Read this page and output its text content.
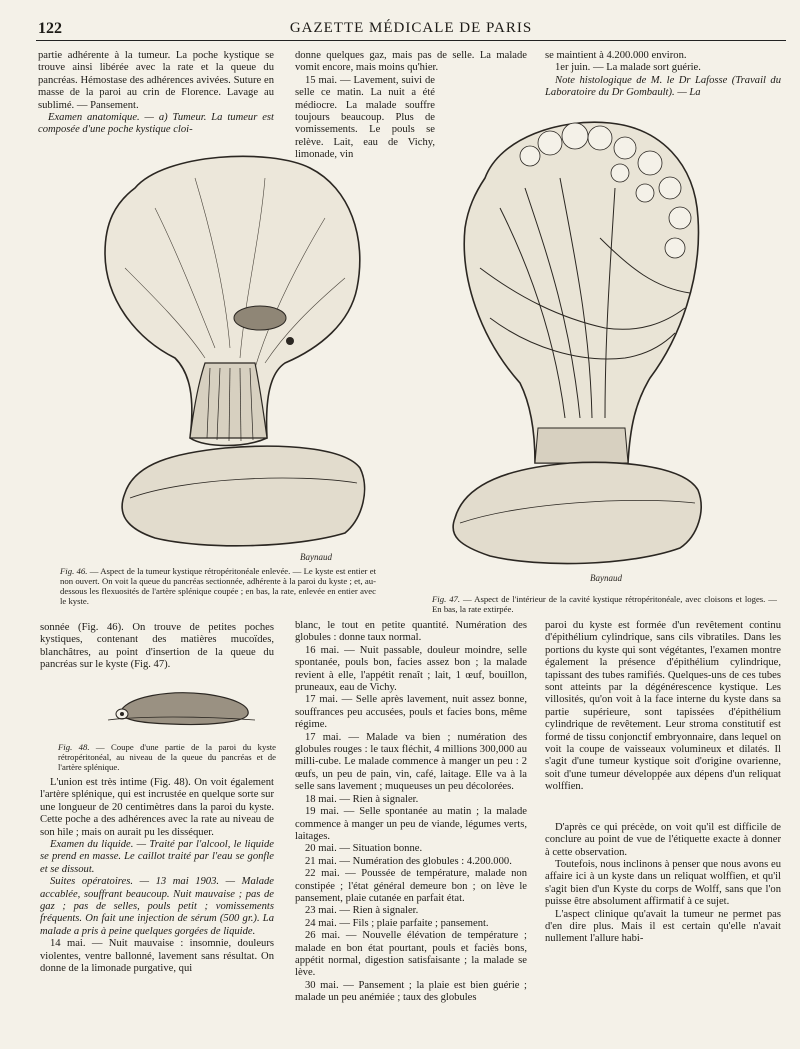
122	GAZETTE MÉDICALE DE PARIS

partie adhérente à la tumeur. La poche kystique se trouve ainsi libérée avec la rate et la queue du pancréas. Hémostase des adhérences avivées. Suture en masse de la paroi au crin de Florence. Lavage au sublimé. — Pansement.

Examen anatomique. — a) Tumeur. La tumeur est composée d'une poche kystique cloi-

donne quelques gaz, mais pas de selle. La malade vomit encore, mais moins qu'hier.

15 mai. — Lavement, suivi de selle ce matin. La nuit a été médiocre. La malade souffre toujours beaucoup. Plus de vomissements. Le pouls se relève. Lait, eau de Vichy, limonade, vin

se maintient à 4.200.000 environ.

1er juin. — La malade sort guérie.

Note histologique de M. le Dr Lafosse (Travail du Laboratoire du Dr Gombault). — La

Baynaud
Baynaud
Fig. 46. — Aspect de la tumeur kystique rétropéritonéale enlevée. — Le kyste est entier et non ouvert. On voit la queue du pancréas sectionnée, adhérente à la paroi du kyste ; et, au-dessous les flexuosités de l'artère splénique coupée ; en bas, la rate, enlevée en entier avec le kyste.	Fig. 47. — Aspect de l'intérieur de la cavité kystique rétropéritonéale, avec cloisons et loges. — En bas, la rate extirpée.

sonnée (Fig. 46). On trouve de petites poches kystiques, contenant des matières mucoïdes, blanchâtres, au point d'insertion de la queue du pancréas sur le kyste (Fig. 47).

Fig. 48. — Coupe d'une partie de la paroi du kyste rétropéritonéal, au niveau de la queue du pancréas et de l'artère splénique.

L'union est très intime (Fig. 48). On voit également l'artère splénique, qui est incrustée en quelque sorte sur une longueur de 20 centimètres dans la paroi du kyste. Cette poche a des adhérences avec la rate au niveau de son hile ; mais on aurait pu les disséquer.

Examen du liquide. — Traité par l'alcool, le liquide se prend en masse. Le caillot traité par l'eau se gonfle et se dissout.

Suites opératoires. — 13 mai 1903. — Malade accablée, souffrant beaucoup. Nuit mauvaise ; pas de gaz ; pas de selles, pouls petit ; vomissements fréquents. On fait une injection de sérum (500 gr.). La malade a pris à peine quelques gorgées de liquide.

14 mai. — Nuit mauvaise : insomnie, douleurs violentes, ventre ballonné, lavement sans résultat. On donne de la limonade purgative, qui

blanc, le tout en petite quantité. Numération des globules : donne taux normal.

16 mai. — Nuit passable, douleur moindre, selle spontanée, pouls bon, facies assez bon ; la malade revient à elle, l'appétit renaît ; lait, 1 œuf, bouillon, pruneaux, eau de Vichy.

17 mai. — Selle après lavement, nuit assez bonne, souffrances peu accusées, pouls et facies bons, même régime.

17 mai. — Malade va bien ; numération des globules rouges : le taux fléchit, 4 millions 300,000 au milli-cube. Le malade commence à manger un peu : 2 œufs, un peu de pain, vin, café, laitage. Elle va à la selle sans lavement ; muqueuses un peu décolorées.

18 mai. — Rien à signaler.

19 mai. — Selle spontanée au matin ; la malade commence à manger un peu de viande, légumes verts, laitages.

20 mai. — Situation bonne.

21 mai. — Numération des globules : 4.200.000.

22 mai. — Poussée de température, malade non constipée ; l'état général demeure bon ; on lève le pansement, plaie cutanée en parfait état.

23 mai. — Rien à signaler.

24 mai. — Fils ; plaie parfaite ; pansement.

26 mai. — Nouvelle élévation de température ; malade en bon état pourtant, pouls et faciès bons, appétit normal, digestion satisfaisante ; la malade se lève.

30 mai. — Pansement ; la plaie est bien guérie ; malade un peu anémiée ; taux des globules

paroi du kyste est formée d'un revêtement continu d'épithélium cylindrique, sans cils vibratiles. Dans les portions du kyste qui sont végétantes, l'examen montre également la présence d'épithélium cylindrique, tapissant des tubes ramifiés. Quelques-uns de ces tubes sont atteints par la dégénérescence kystique. Les villosités, qu'on voit à la face interne du kyste dans sa partie supérieure, sont tapissées d'épithélium cylindrique de revêtement. Leur stroma constitutif est formé de tissu conjonctif embryonnaire, dans lequel on voit la coupe de vaisseaux volumineux et dilatés. Il s'agit d'une tumeur kystique soit d'origine ovarienne, soit d'une tumeur développée aux dépens d'un reliquat wolffien.

D'après ce qui précède, on voit qu'il est difficile de conclure au point de vue de l'étiquette exacte à donner à cette observation.

Toutefois, nous inclinons à penser que nous avons eu affaire ici à un kyste dans un reliquat wolffien, et qu'il s'agit bien d'un Kyste du corps de Wolff, sans que l'on puisse être absolument affirmatif à ce sujet.

L'aspect clinique qu'avait la tumeur ne permet pas d'en dire plus. Mais il est certain qu'elle n'avait nullement l'allure habi-
